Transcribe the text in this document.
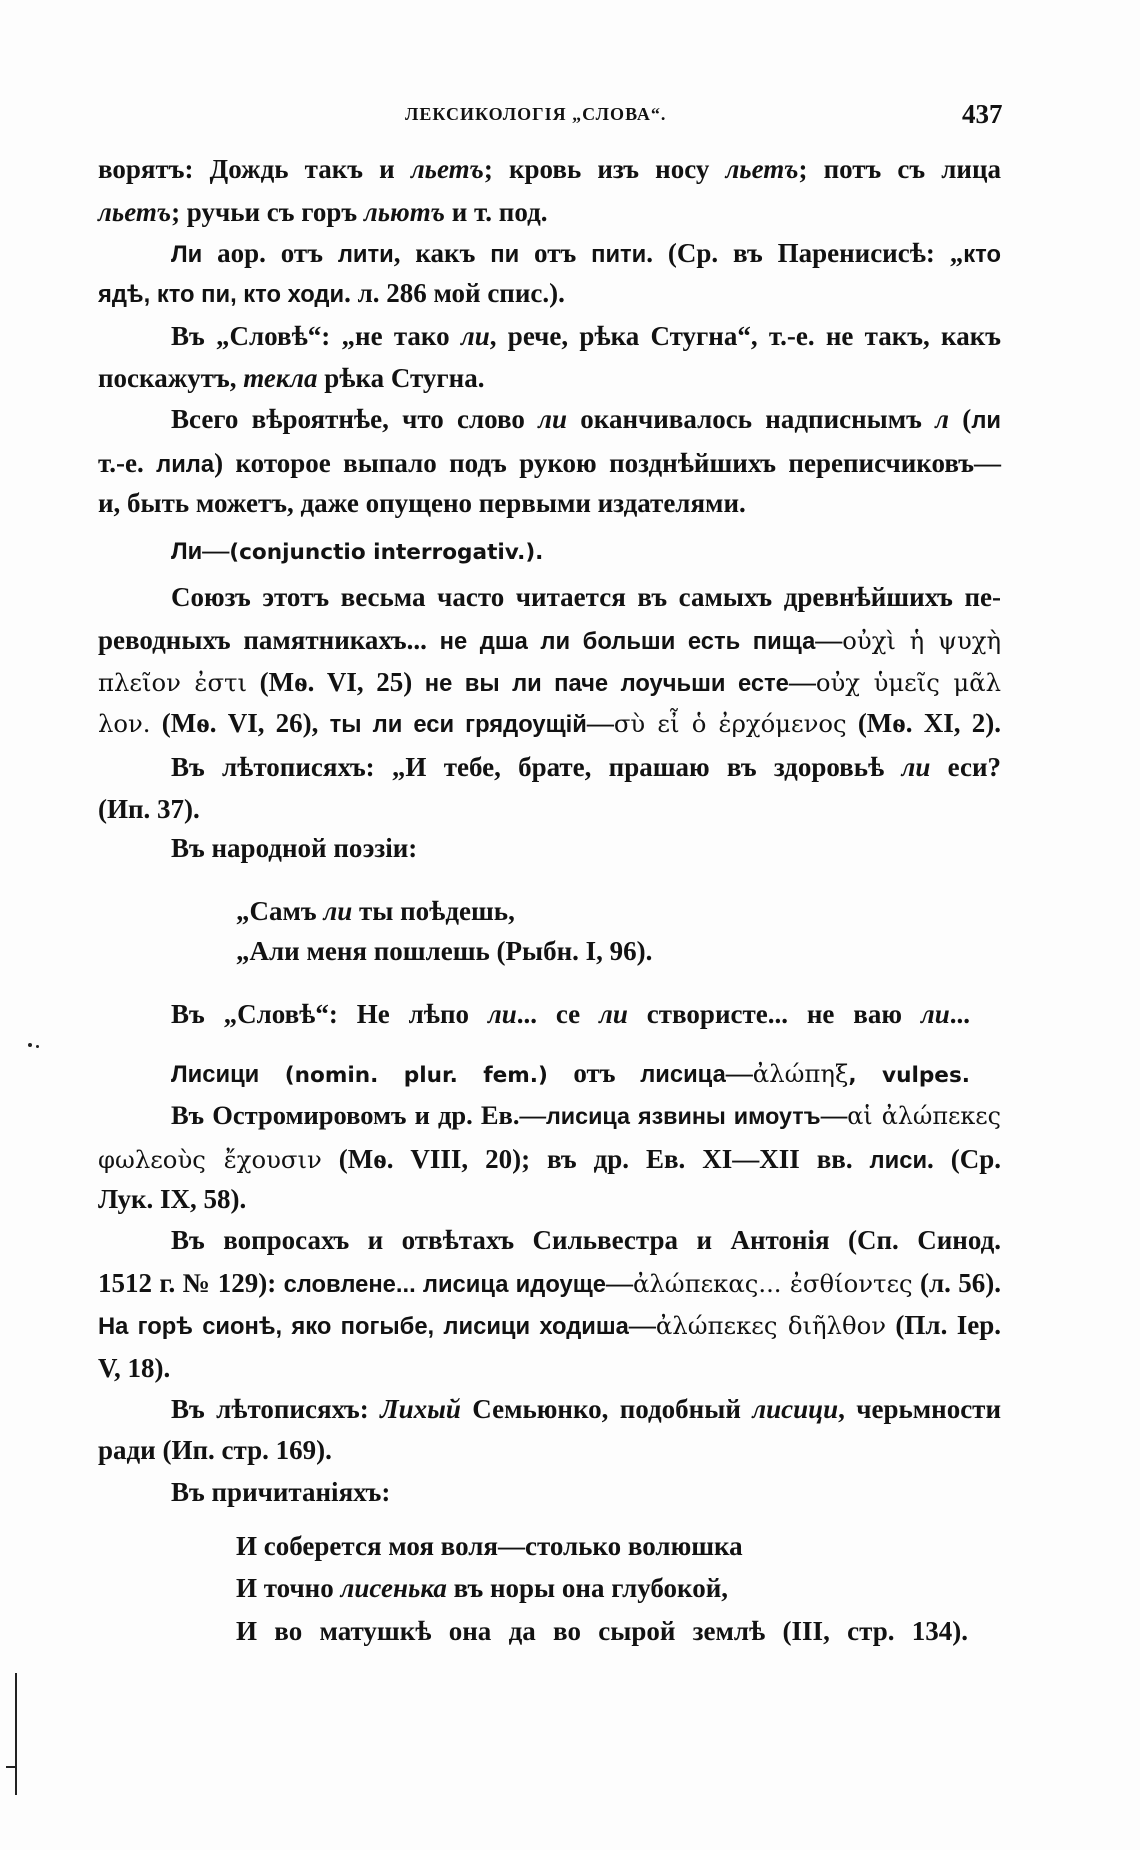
ЛЕКСИКОЛОГІЯ „СЛОВА“.	437
ворятъ: Дождь такъ и льетъ; кровь изъ носу льетъ; потъ съ лица
льетъ; ручьи съ горъ льютъ и т. под.
Ли аор. отъ лити, какъ пи отъ пити. (Ср. въ Паренисисѣ: „кто
ядѣ, кто пи, кто ходи. л. 286 мой спис.).
Въ „Словѣ“: „не тако ли, рече, рѣка Стугна“, т.-е. не такъ, какъ
поскажутъ, текла рѣка Стугна.
Всего вѣроятнѣе, что слово ли оканчивалось надписнымъ л (ли
т.-е. лила) которое выпало подъ рукою позднѣйшихъ переписчиковъ—
и, быть можетъ, даже опущено первыми издателями.
Ли—(conjunctio interrogativ.).
Союзъ этотъ весьма часто читается въ самыхъ древнѣйшихъ пе-
реводныхъ памятникахъ... не дша ли больши есть пища—οὐχὶ ἡ ψυχὴ
πλεῖον ἐστι (Мѳ. VI, 25) не вы ли паче лоучьши есте—οὐχ ὑμεῖς μᾶλ
λον. (Мѳ. VI, 26), ты ли еси грядоущій—σὺ εἶ ὁ ἐρχόμενος (Мѳ. XI, 2).
Въ лѣтописяхъ: „И тебе, брате, прашаю въ здоровьѣ ли еси?
(Ип. 37).
Въ народной поэзіи:
„Самъ ли ты поѣдешь,
„Али меня пошлешь (Рыбн. I, 96).
Въ „Словѣ“: Не лѣпо ли... се ли створисте... не ваю ли...
Лисици (nomin. plur. fem.) отъ лисица—ἀλώπηξ, vulpes.
Въ Остромировомъ и др. Ев.—лисица язвины имоутъ—αἱ ἀλώπεκες
φωλεοὺς ἔχουσιν (Мѳ. VIII, 20); въ др. Ев. XI—XII вв. лиси. (Ср.
Лук. IX, 58).
Въ вопросахъ и отвѣтахъ Сильвестра и Антонія (Сп. Синод.
1512 г. № 129): словлене... лисица идоуще—ἀλώπεκας... ἐσθίοντες (л. 56).
На горѣ сионѣ, яко погыбе, лисици ходиша—ἀλώπεκες διῆλθον (Пл. Іер.
V, 18).
Въ лѣтописяхъ: Лихый Семьюнко, подобный лисици, черьмности
ради (Ип. стр. 169).
Въ причитаніяхъ:
И соберется моя воля—столько волюшка
И точно лисенька въ норы она глубокой,
И во матушкѣ она да во сырой землѣ (III, стр. 134).
